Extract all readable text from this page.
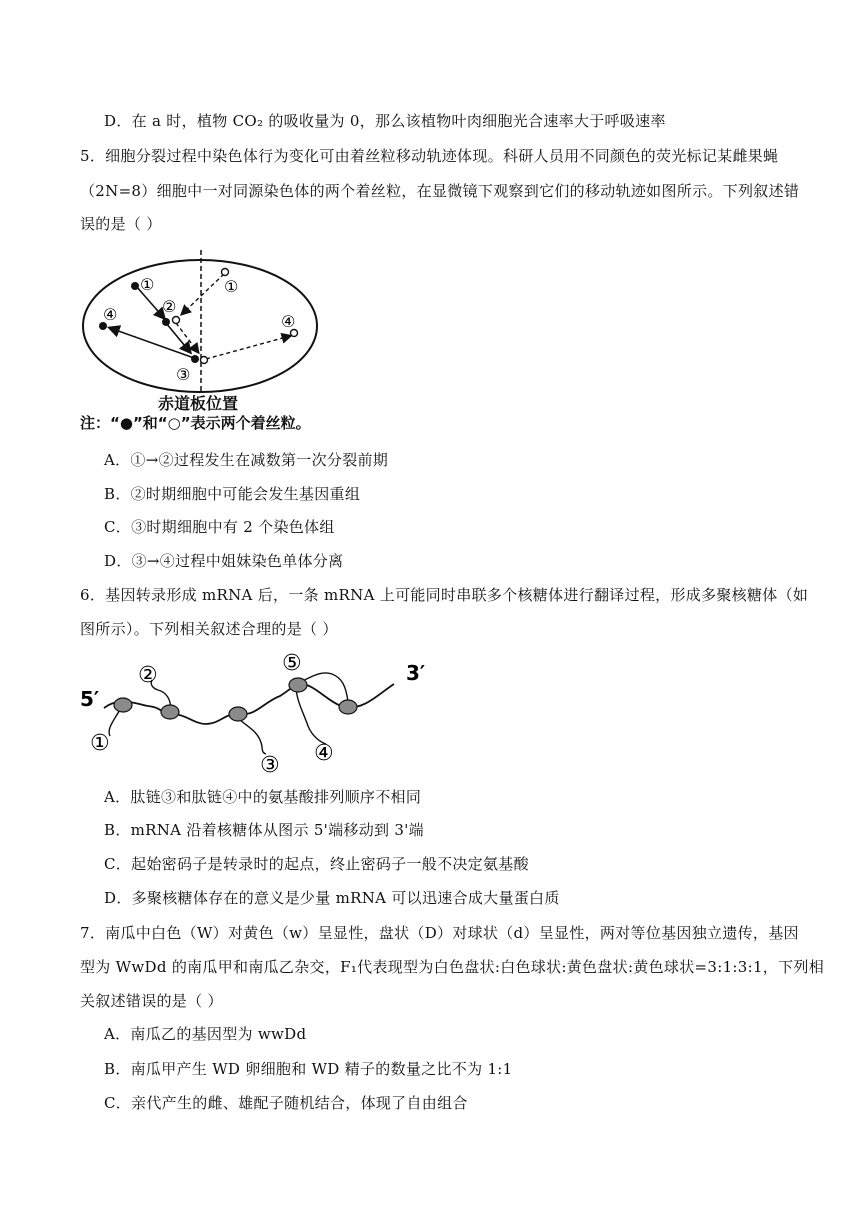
D．在 a 时，植物 CO₂ 的吸收量为 0，那么该植物叶肉细胞光合速率大于呼吸速率
5．细胞分裂过程中染色体行为变化可由着丝粒移动轨迹体现。科研人员用不同颜色的荧光标记某雌果蝇
（2N=8）细胞中一对同源染色体的两个着丝粒，在显微镜下观察到它们的移动轨迹如图所示。下列叙述错
误的是（ ）
①	①
②
③
④	④
赤道板位置
注：“●”和“○”表示两个着丝粒。
A．①→②过程发生在减数第一次分裂前期
B．②时期细胞中可能会发生基因重组
C．③时期细胞中有 2 个染色体组
D．③→④过程中姐妹染色单体分离
6．基因转录形成 mRNA 后，一条 mRNA 上可能同时串联多个核糖体进行翻译过程，形成多聚核糖体（如
图所示）。下列相关叙述合理的是（ ）
5′
3′
①
②
③ ④
⑤
A．肽链③和肽链④中的氨基酸排列顺序不相同
B．mRNA 沿着核糖体从图示 5'端移动到 3'端
C．起始密码子是转录时的起点，终止密码子一般不决定氨基酸
D．多聚核糖体存在的意义是少量 mRNA 可以迅速合成大量蛋白质
7．南瓜中白色（W）对黄色（w）呈显性，盘状（D）对球状（d）呈显性，两对等位基因独立遗传，基因
型为 WwDd 的南瓜甲和南瓜乙杂交，F₁代表现型为白色盘状:白色球状:黄色盘状:黄色球状=3:1:3:1，下列相
关叙述错误的是（ ）
A．南瓜乙的基因型为 wwDd
B．南瓜甲产生 WD 卵细胞和 WD 精子的数量之比不为 1:1
C．亲代产生的雌、雄配子随机结合，体现了自由组合
